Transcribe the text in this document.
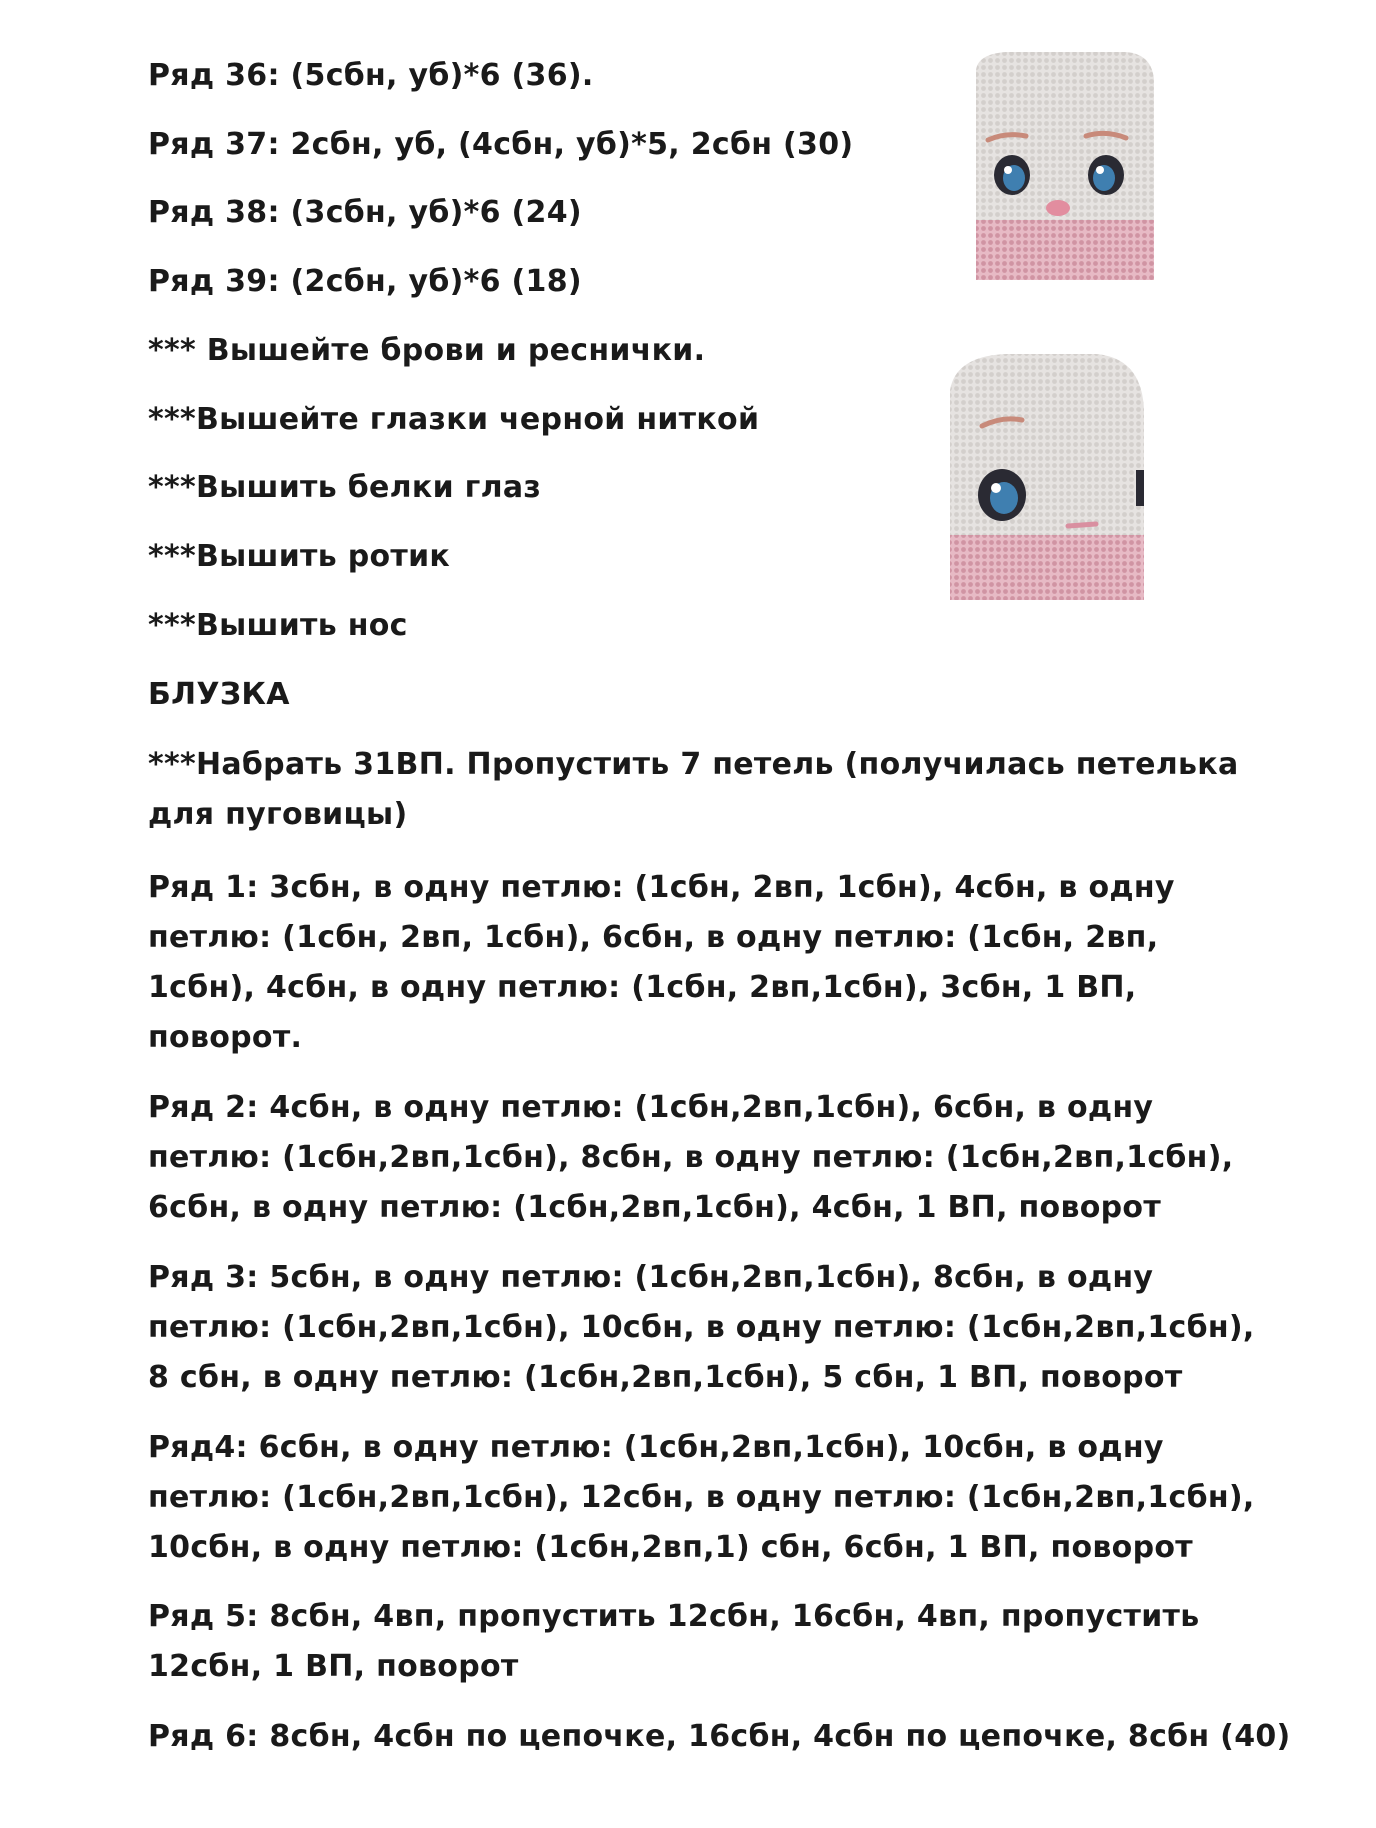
Ряд 36: (5сбн, уб)*6 (36).

Ряд 37: 2сбн, уб, (4сбн, уб)*5, 2сбн (30)

Ряд 38: (3сбн, уб)*6 (24)

Ряд 39: (2сбн, уб)*6 (18)

*** Вышейте брови и реснички.

***Вышейте глазки черной ниткой

***Вышить белки глаз

***Вышить ротик

***Вышить нос

БЛУЗКА

***Набрать 31ВП. Пропустить 7 петель (получилась петелька
для пуговицы)
Ряд 1: 3сбн, в одну петлю: (1сбн, 2вп, 1сбн), 4сбн, в одну
петлю: (1сбн, 2вп, 1сбн), 6сбн, в одну петлю: (1сбн, 2вп,
1сбн), 4сбн, в одну петлю: (1сбн, 2вп,1сбн), 3сбн, 1 ВП,
поворот.
Ряд 2: 4сбн, в одну петлю: (1сбн,2вп,1сбн), 6сбн, в одну
петлю: (1сбн,2вп,1сбн), 8сбн, в одну петлю: (1сбн,2вп,1сбн),
6сбн, в одну петлю: (1сбн,2вп,1сбн), 4сбн, 1 ВП, поворот
Ряд 3: 5сбн, в одну петлю: (1сбн,2вп,1сбн), 8сбн, в одну
петлю: (1сбн,2вп,1сбн), 10сбн, в одну петлю: (1сбн,2вп,1сбн),
8 сбн, в одну петлю: (1сбн,2вп,1сбн), 5 сбн, 1 ВП, поворот
Ряд4: 6сбн, в одну петлю: (1сбн,2вп,1сбн), 10сбн, в одну
петлю: (1сбн,2вп,1сбн), 12сбн, в одну петлю: (1сбн,2вп,1сбн),
10сбн, в одну петлю: (1сбн,2вп,1) сбн, 6сбн, 1 ВП, поворот
Ряд 5: 8сбн, 4вп, пропустить 12сбн, 16сбн, 4вп, пропустить
12сбн, 1 ВП, поворот
Ряд 6: 8сбн, 4сбн по цепочке, 16сбн, 4сбн по цепочке, 8сбн (40)
